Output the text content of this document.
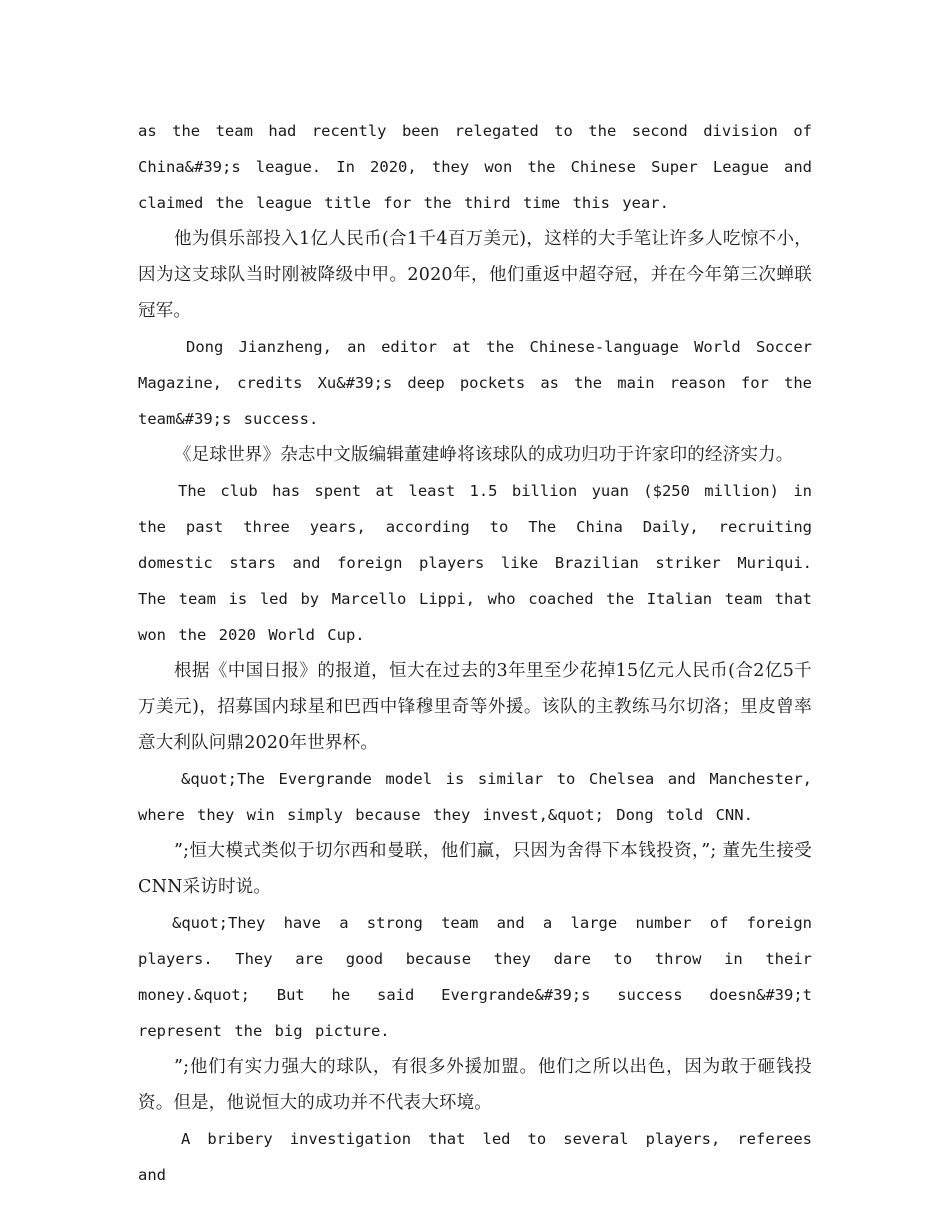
as the team had recently been relegated to the second division of China&#39;s league. In 2020, they won the Chinese Super League and claimed the league title for the third time this year.

他为俱乐部投入1亿人民币(合1千4百万美元)，这样的大手笔让许多人吃惊不小，因为这支球队当时刚被降级中甲。2020年，他们重返中超夺冠，并在今年第三次蝉联冠军。

Dong Jianzheng, an editor at the Chinese-language World Soccer Magazine, credits Xu&#39;s deep pockets as the main reason for the team&#39;s success.

《足球世界》杂志中文版编辑董建峥将该球队的成功归功于许家印的经济实力。

The club has spent at least 1.5 billion yuan ($250 million) in the past three years, according to The China Daily, recruiting domestic stars and foreign players like Brazilian striker Muriqui. The team is led by Marcello Lippi, who coached the Italian team that won the 2020 World Cup.

根据《中国日报》的报道，恒大在过去的3年里至少花掉15亿元人民币(合2亿5千万美元)，招募国内球星和巴西中锋穆里奇等外援。该队的主教练马尔切洛；里皮曾率意大利队问鼎2020年世界杯。

&quot;The Evergrande model is similar to Chelsea and Manchester, where they win simply because they invest,&quot; Dong told CNN.

”;恒大模式类似于切尔西和曼联，他们赢，只因为舍得下本钱投资，”; 董先生接受CNN采访时说。

&quot;They have a strong team and a large number of foreign players. They are good because they dare to throw in their money.&quot; But he said Evergrande&#39;s success doesn&#39;t represent the big picture.

”;他们有实力强大的球队，有很多外援加盟。他们之所以出色，因为敢于砸钱投资。但是，他说恒大的成功并不代表大环境。

A bribery investigation that led to several players, referees and
